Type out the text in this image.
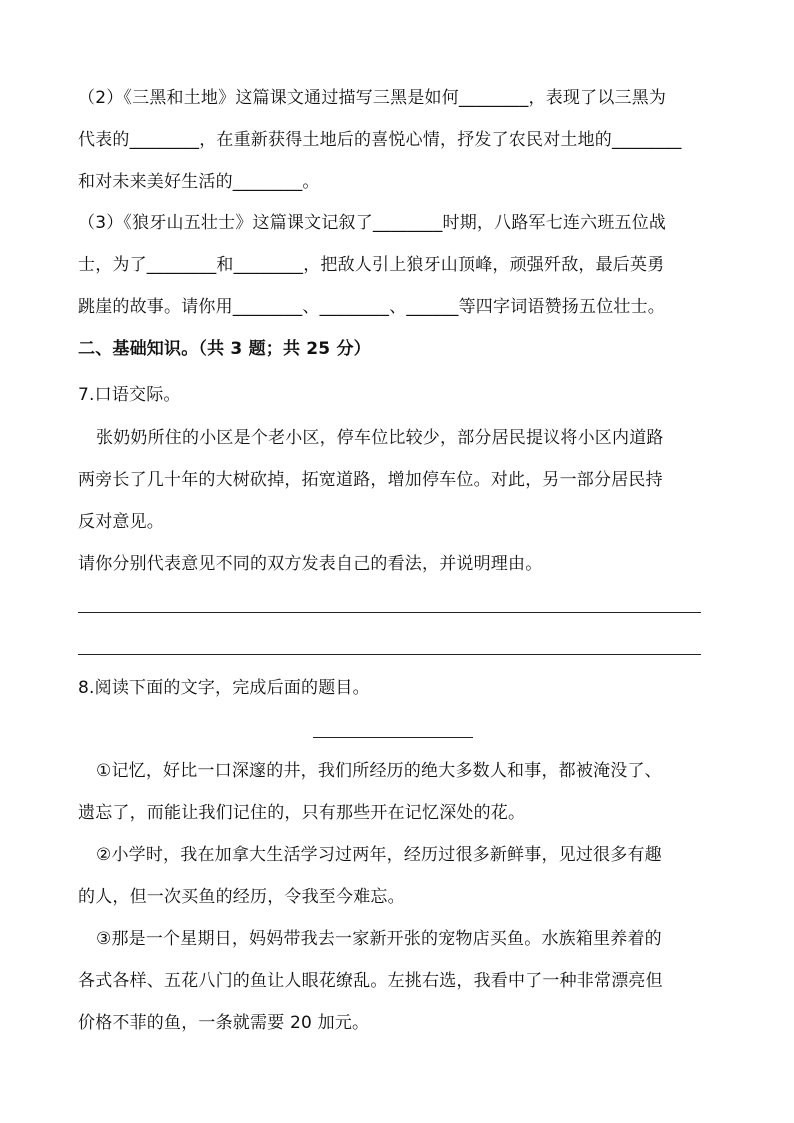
（2）《三黑和土地》这篇课文通过描写三黑是如何________，表现了以三黑为
代表的________，在重新获得土地后的喜悦心情，抒发了农民对土地的________
和对未来美好生活的________。
（3）《狼牙山五壮士》这篇课文记叙了________时期，八路军七连六班五位战
士，为了________和________，把敌人引上狼牙山顶峰，顽强歼敌，最后英勇
跳崖的故事。请你用________、________、______等四字词语赞扬五位壮士。
二、基础知识。（共 3 题；共 25 分）
7.口语交际。
张奶奶所住的小区是个老小区，停车位比较少，部分居民提议将小区内道路
两旁长了几十年的大树砍掉，拓宽道路，增加停车位。对此，另一部分居民持
反对意见。
请你分别代表意见不同的双方发表自己的看法，并说明理由。
8.阅读下面的文字，完成后面的题目。
①记忆，好比一口深邃的井，我们所经历的绝大多数人和事，都被淹没了、
遗忘了，而能让我们记住的，只有那些开在记忆深处的花。
②小学时，我在加拿大生活学习过两年，经历过很多新鲜事，见过很多有趣
的人，但一次买鱼的经历，令我至今难忘。
③那是一个星期日，妈妈带我去一家新开张的宠物店买鱼。水族箱里养着的
各式各样、五花八门的鱼让人眼花缭乱。左挑右选，我看中了一种非常漂亮但
价格不菲的鱼，一条就需要 20 加元。
